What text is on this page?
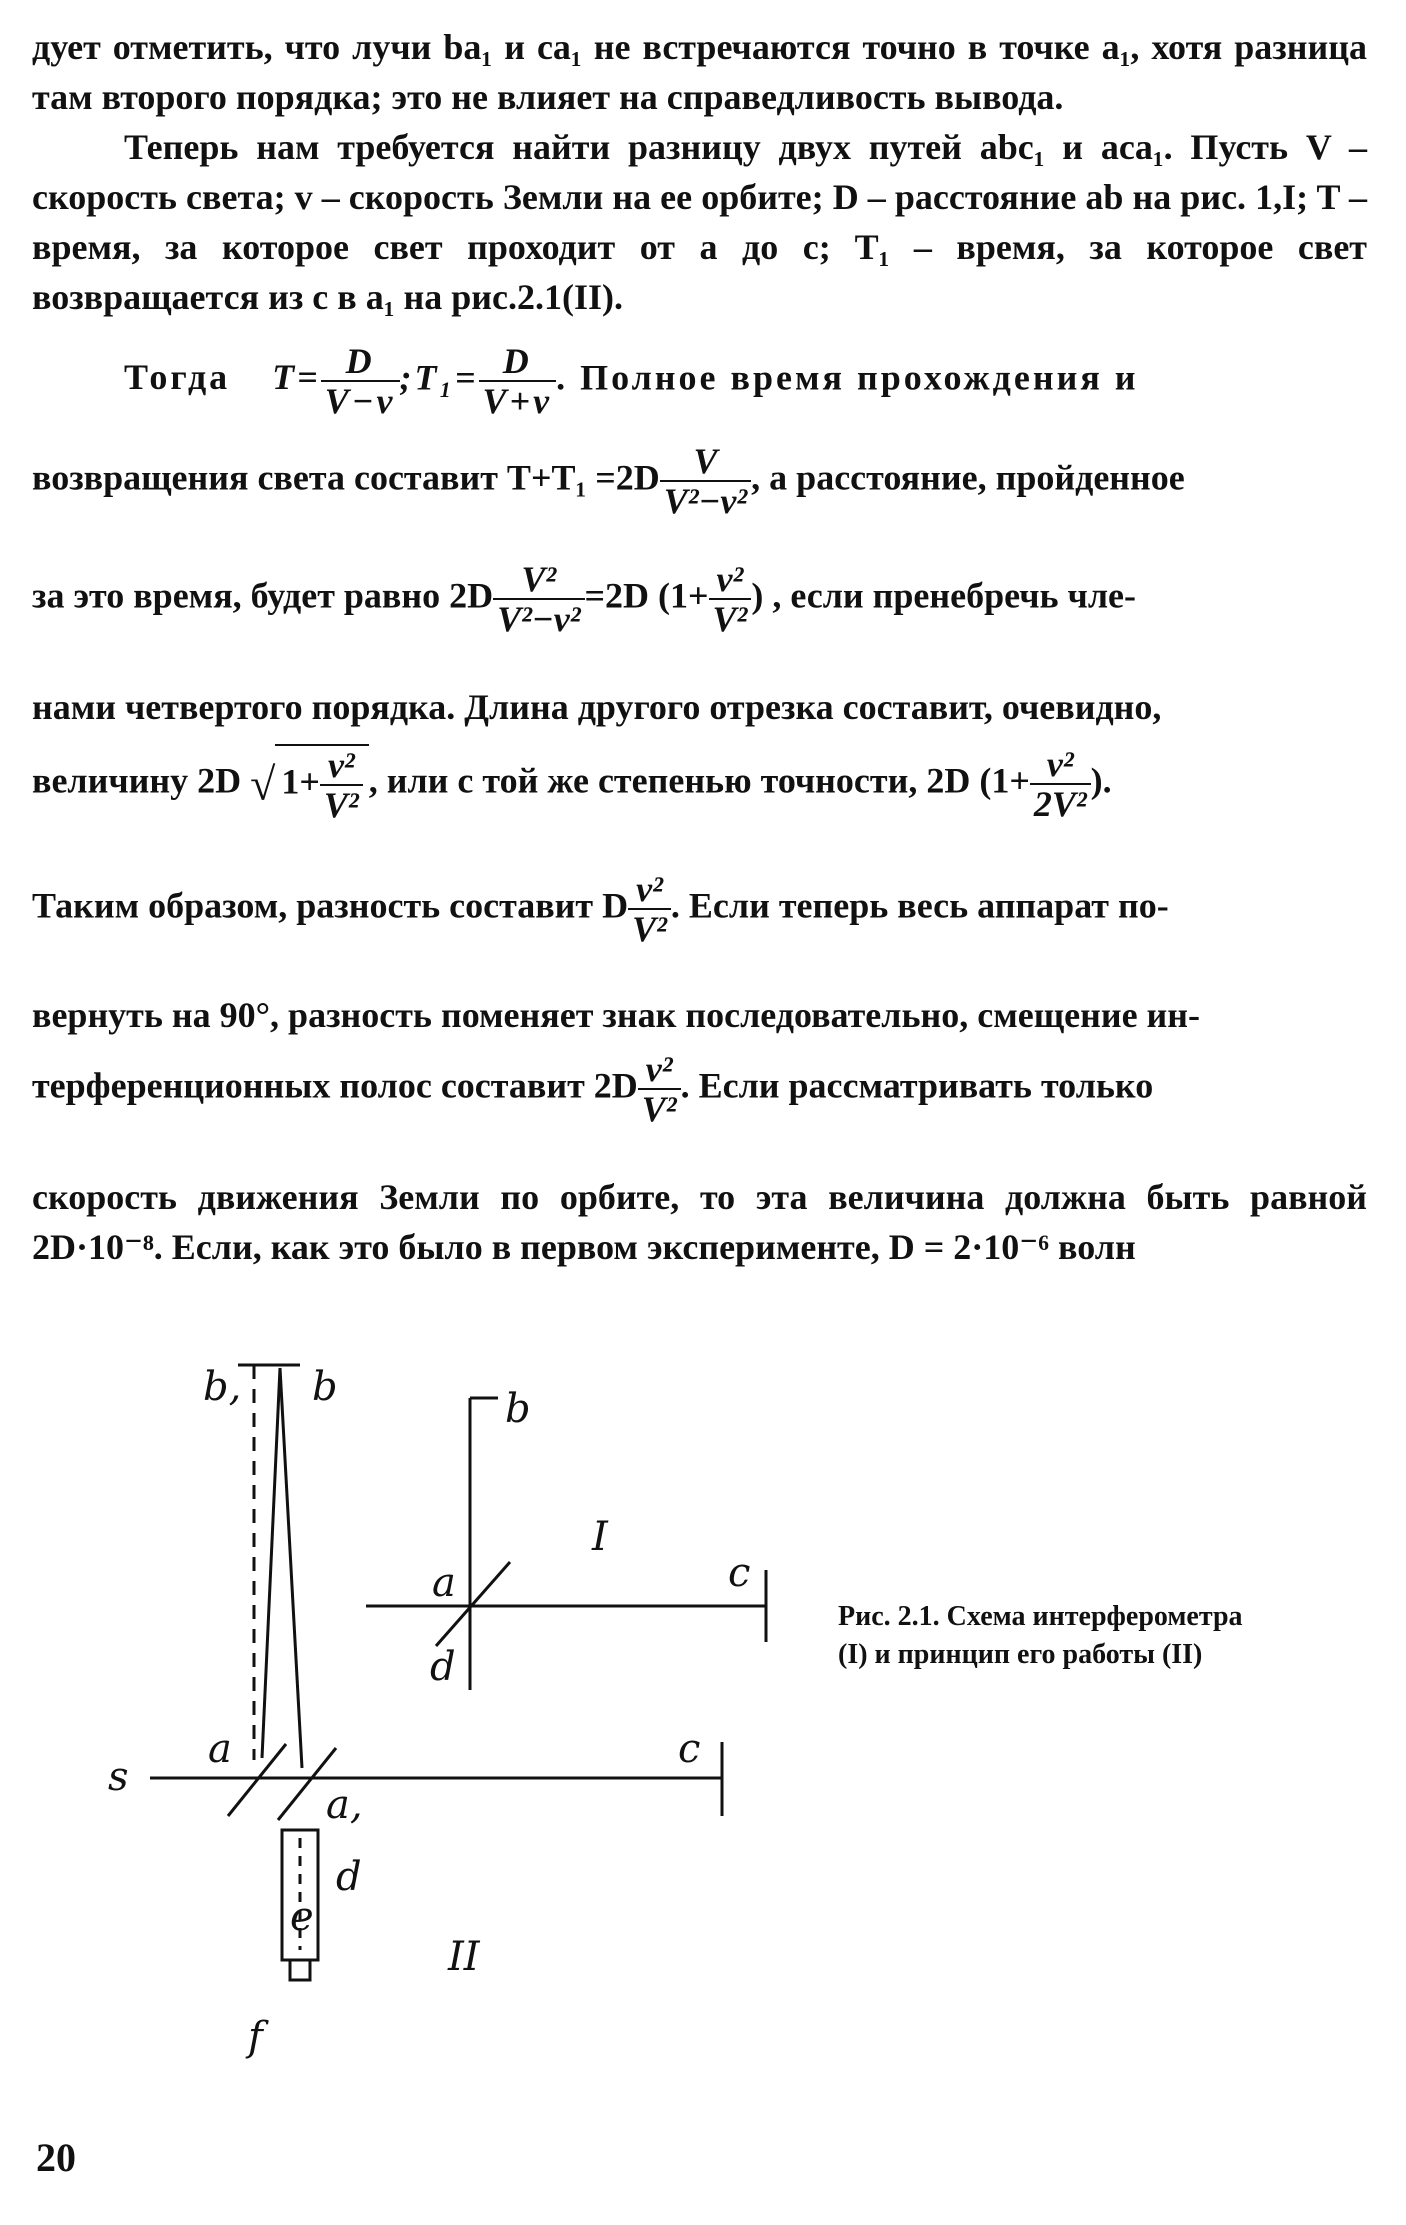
дует отметить, что лучи ba₁ и ca₁ не встречаются точно в точке a₁, хотя разница там второго порядка; это не влияет на справедливость вывода.
Теперь нам требуется найти разницу двух путей abc₁ и aca₁. Пусть V – скорость света; v – скорость Земли на ее орбите; D – расстояние ab на рис. 1,I; T – время, за которое свет проходит от a до c; T₁ – время, за которое свет возвращается из c в a₁ на рис.2.1(II).
Тогда $T= \frac{D}{V-v}$ ;T₁= $\frac{D}{V+v}$ . Полное время прохождения и
возвращения света составит $T+T_1 =2D \frac{V}{\text{V²−v²}}$ , а расстояние, пройденное
за это время, будет равно $2D \frac{\text{V²}}{\text{V²−v²}} =2D$ ($1+ \frac{\text{v²}}{\text{V²}}$ ) , если пренебречь чле-
нами четвертого порядка. Длина другого отрезка составит, очевидно,
величину 2D √ $1+ \frac{\text{v²}}{\text{V²}}$ , или с той же степенью точности, 2D ($1+ \frac{\text{v²}}{\text{2V²}}$ ).
Таким образом, разность составит D $\frac{\text{v²}}{\text{V²}}$ . Если теперь весь аппарат по-
вернуть на 90°, разность поменяет знак последовательно, смещение ин-
терференционных полос составит $2D \frac{\text{v²}}{\text{V²}}$ . Если рассматривать только
скорость движения Земли по орбите, то эта величина должна быть равной 2D·10⁻⁸. Если, как это было в первом эксперименте, D = 2·10⁻⁶ волн
b, b	b
I
a	c
d
s
a
a,
c
d
e
f
II
Рис. 2.1. Схема интерферометра
(I) и принцип его работы (II)
20
